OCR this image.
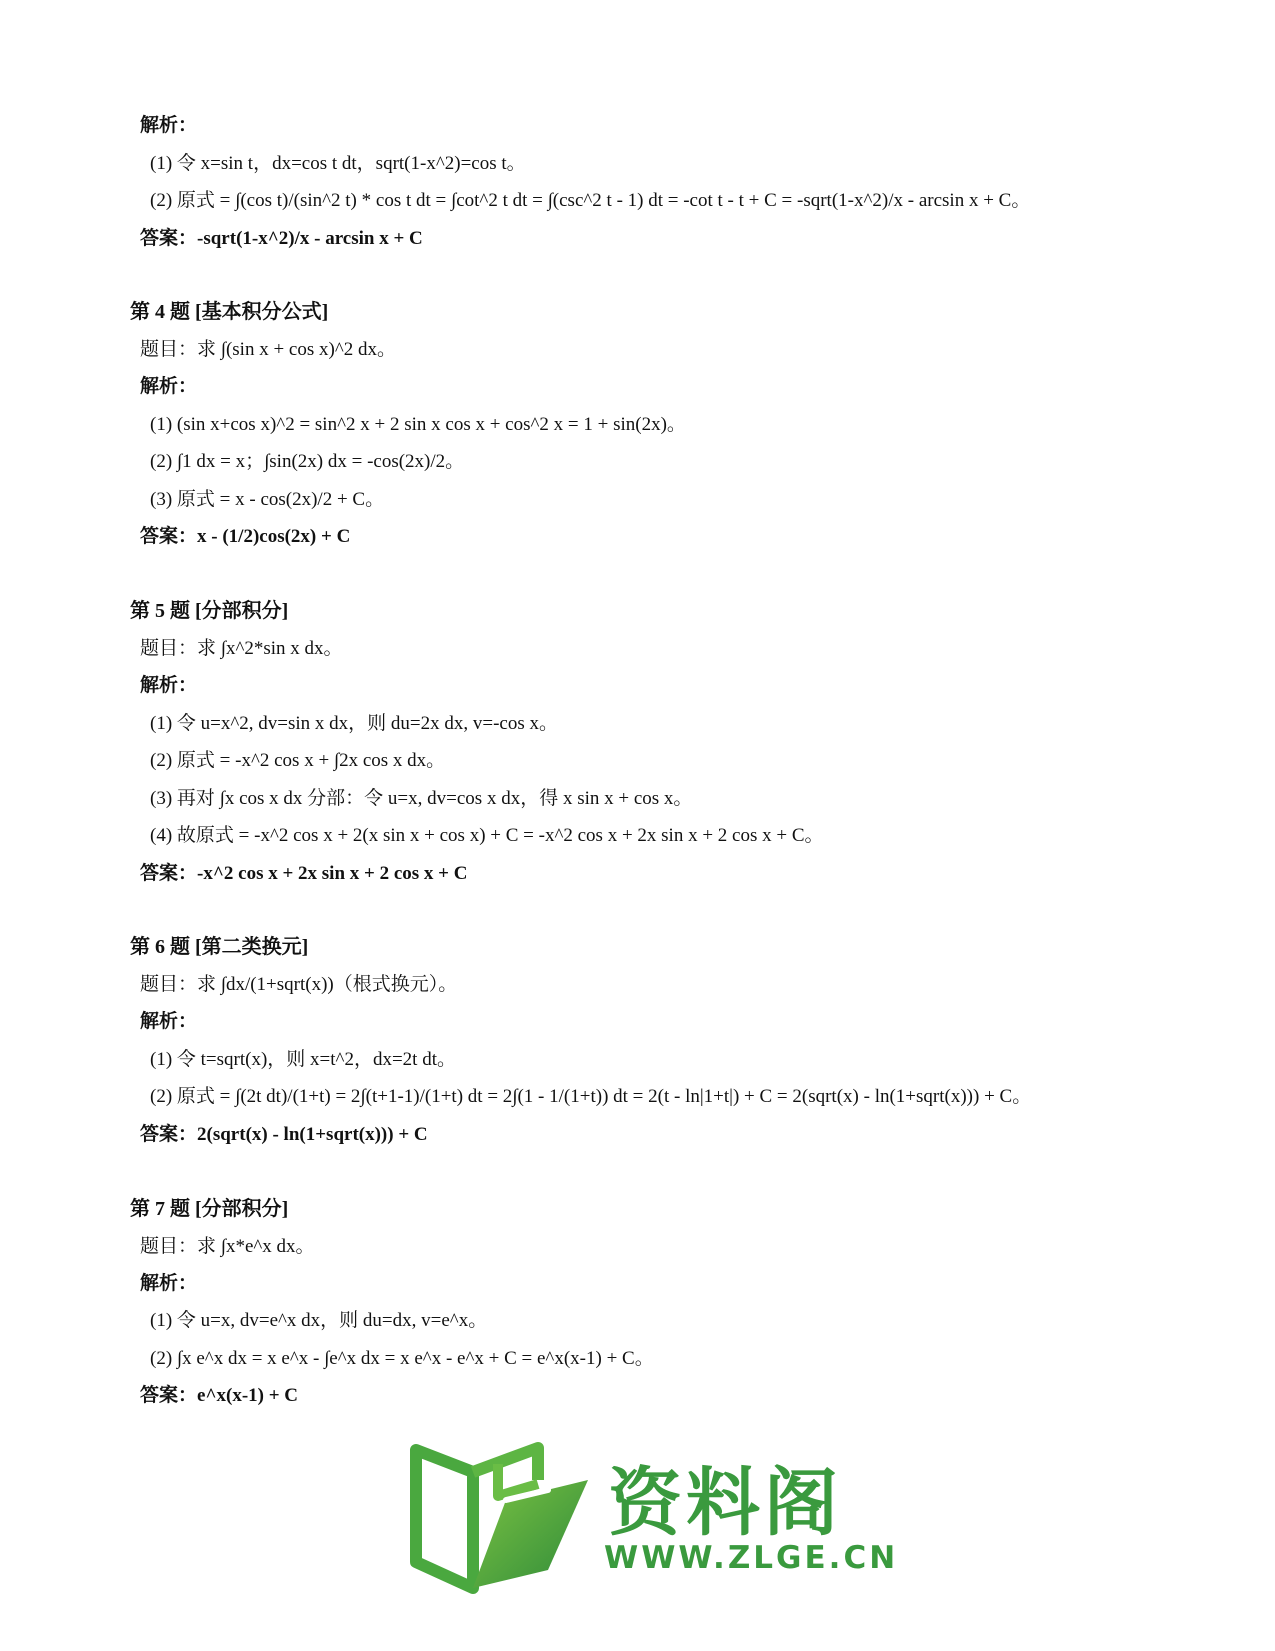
解析：
(1) 令 x=sin t，dx=cos t dt，sqrt(1-x^2)=cos t。
(2) 原式 = ∫(cos t)/(sin^2 t) * cos t dt = ∫cot^2 t dt = ∫(csc^2 t - 1) dt = -cot t - t + C = -sqrt(1-x^2)/x - arcsin x + C。
答案：-sqrt(1-x^2)/x - arcsin x + C
第 4 题 [基本积分公式]
题目：求 ∫(sin x + cos x)^2 dx。
解析：
(1) (sin x+cos x)^2 = sin^2 x + 2 sin x cos x + cos^2 x = 1 + sin(2x)。
(2) ∫1 dx = x；∫sin(2x) dx = -cos(2x)/2。
(3) 原式 = x - cos(2x)/2 + C。
答案：x - (1/2)cos(2x) + C
第 5 题 [分部积分]
题目：求 ∫x^2*sin x dx。
解析：
(1) 令 u=x^2, dv=sin x dx，则 du=2x dx, v=-cos x。
(2) 原式 = -x^2 cos x + ∫2x cos x dx。
(3) 再对 ∫x cos x dx 分部：令 u=x, dv=cos x dx，得 x sin x + cos x。
(4) 故原式 = -x^2 cos x + 2(x sin x + cos x) + C = -x^2 cos x + 2x sin x + 2 cos x + C。
答案：-x^2 cos x + 2x sin x + 2 cos x + C
第 6 题 [第二类换元]
题目：求 ∫dx/(1+sqrt(x))（根式换元）。
解析：
(1) 令 t=sqrt(x)，则 x=t^2，dx=2t dt。
(2) 原式 = ∫(2t dt)/(1+t) = 2∫(t+1-1)/(1+t) dt = 2∫(1 - 1/(1+t)) dt = 2(t - ln|1+t|) + C = 2(sqrt(x) - ln(1+sqrt(x))) + C。
答案：2(sqrt(x) - ln(1+sqrt(x))) + C
第 7 题 [分部积分]
题目：求 ∫x*e^x dx。
解析：
(1) 令 u=x, dv=e^x dx，则 du=dx, v=e^x。
(2) ∫x e^x dx = x e^x - ∫e^x dx = x e^x - e^x + C = e^x(x-1) + C。
答案：e^x(x-1) + C
资料阁
WWW.ZLGE.CN
